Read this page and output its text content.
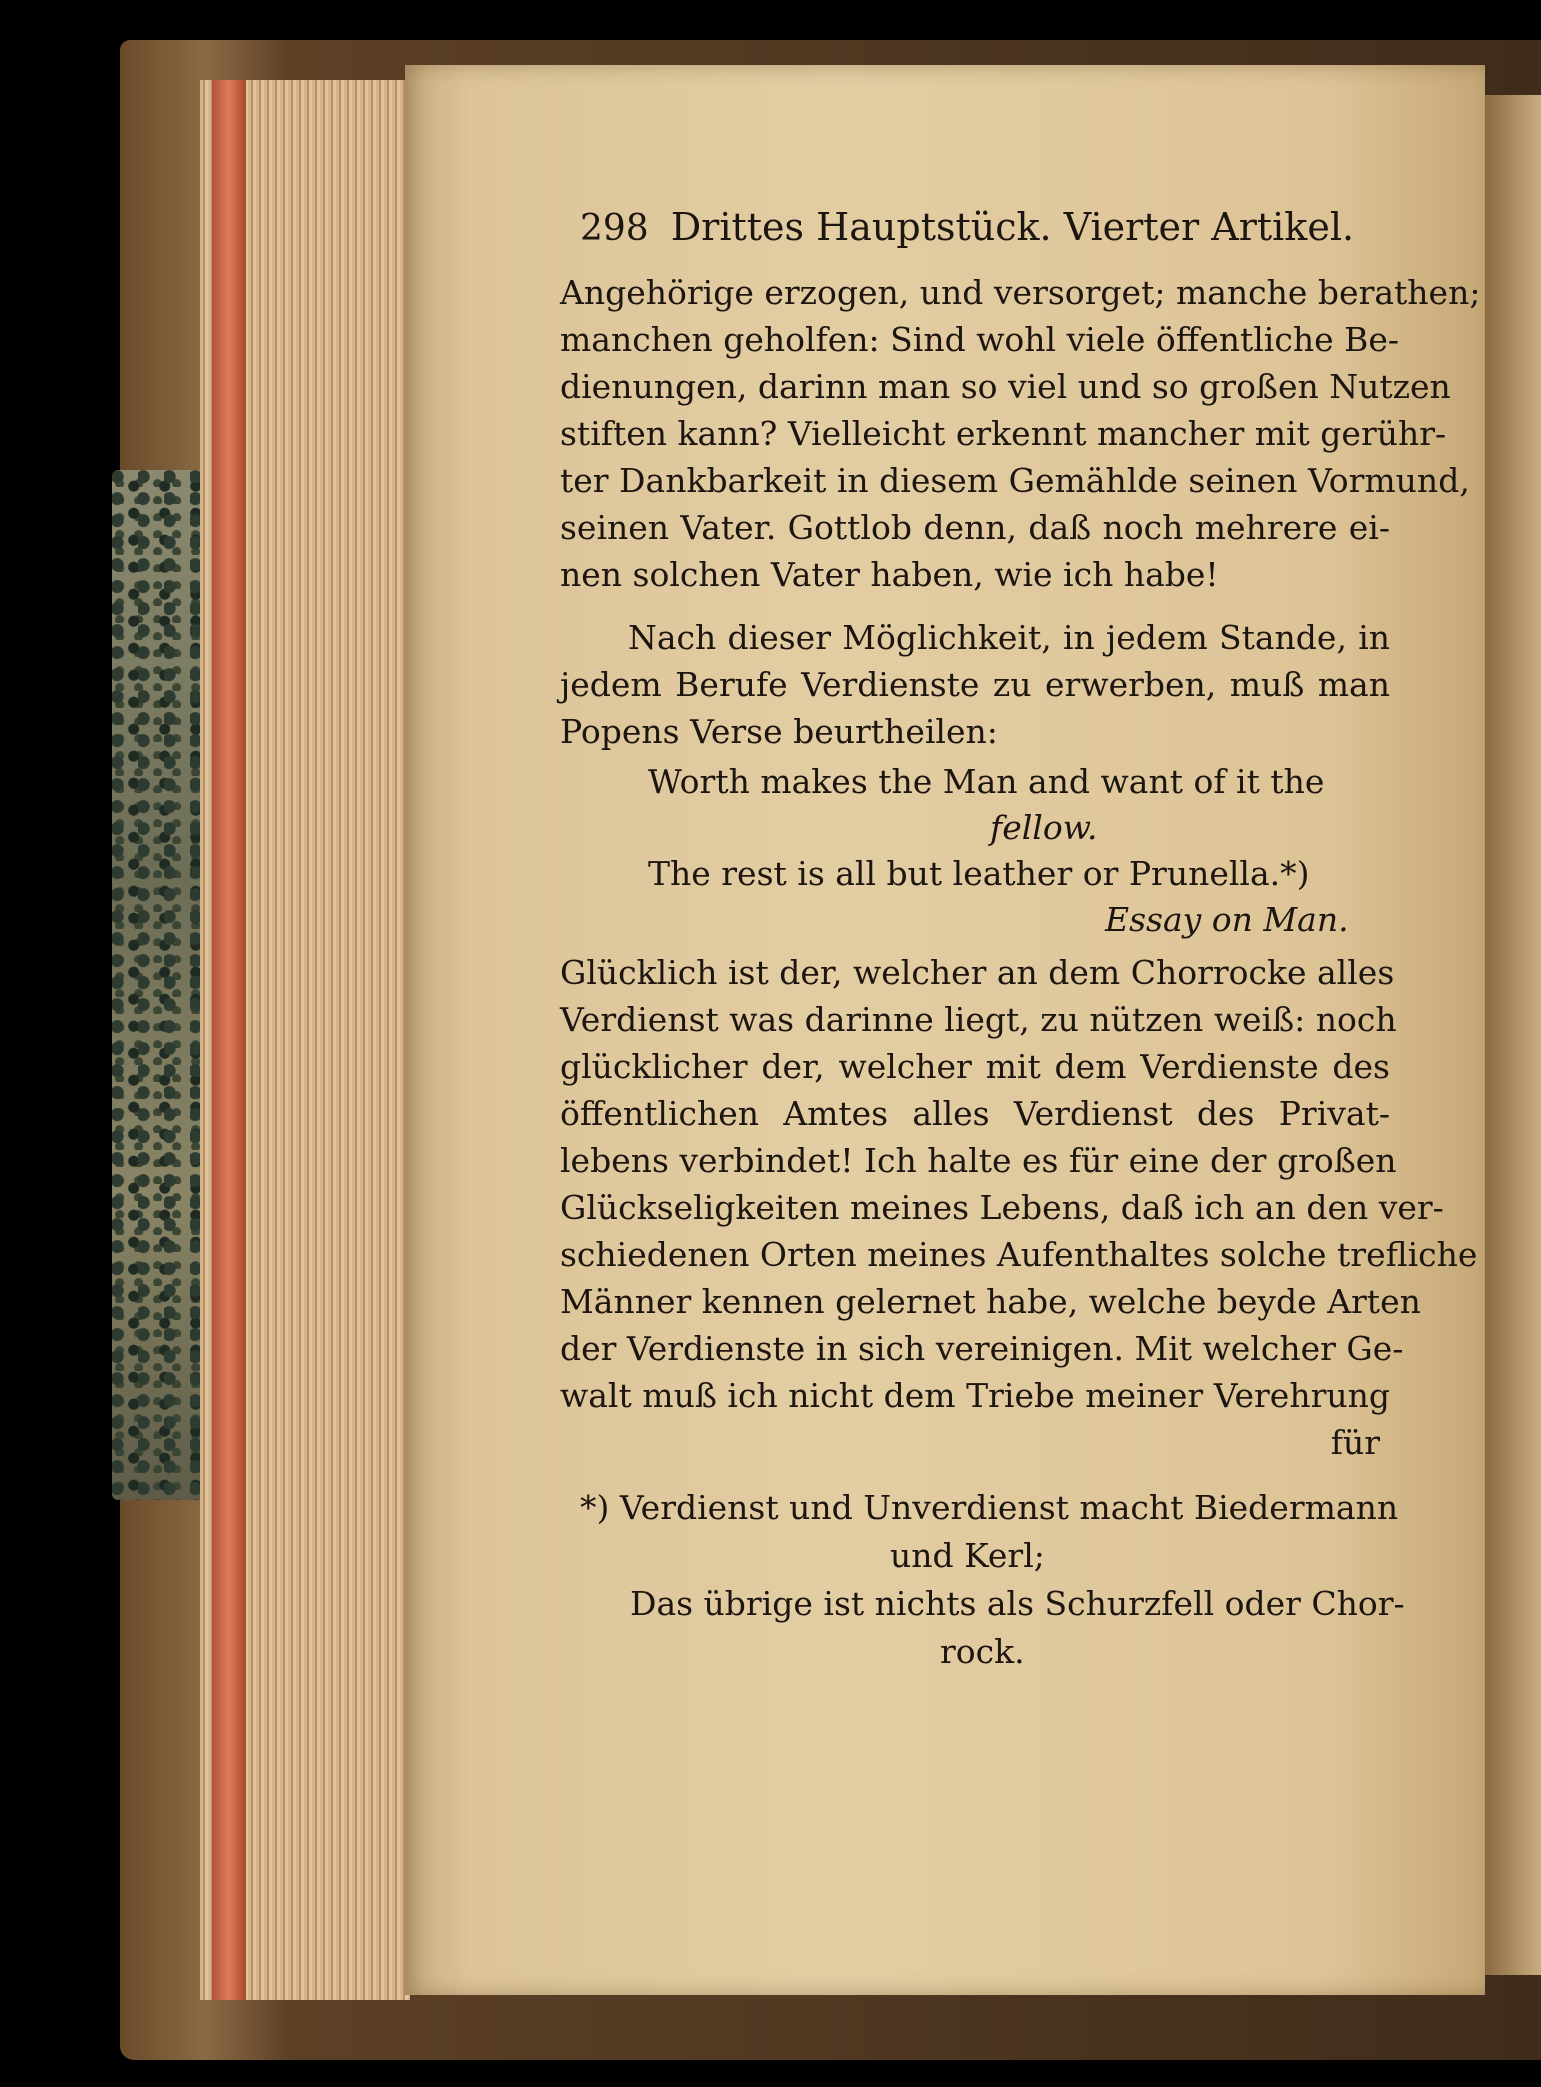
298 Drittes Hauptstück. Vierter Artikel.
Angehörige erzogen, und versorget; manche berathen;
manchen geholfen: Sind wohl viele öffentliche Be-
dienungen, darinn man so viel und so großen Nutzen
stiften kann? Vielleicht erkennt mancher mit gerühr-
ter Dankbarkeit in diesem Gemählde seinen Vormund,
seinen Vater. Gottlob denn, daß noch mehrere ei-
nen solchen Vater haben, wie ich habe!
Nach dieser Möglichkeit, in jedem Stande, in
jedem Berufe Verdienste zu erwerben, muß man
Popens Verse beurtheilen:
Worth makes the Man and want of it the
fellow.
The rest is all but leather or Prunella.*)
Essay on Man.
Glücklich ist der, welcher an dem Chorrocke alles
Verdienst was darinne liegt, zu nützen weiß: noch
glücklicher der, welcher mit dem Verdienste des
öffentlichen Amtes alles Verdienst des Privat-
lebens verbindet! Ich halte es für eine der großen
Glückseligkeiten meines Lebens, daß ich an den ver-
schiedenen Orten meines Aufenthaltes solche trefliche
Männer kennen gelernet habe, welche beyde Arten
der Verdienste in sich vereinigen. Mit welcher Ge-
walt muß ich nicht dem Triebe meiner Verehrung
für
*) Verdienst und Unverdienst macht Biedermann
und Kerl;
Das übrige ist nichts als Schurzfell oder Chor-
rock.
